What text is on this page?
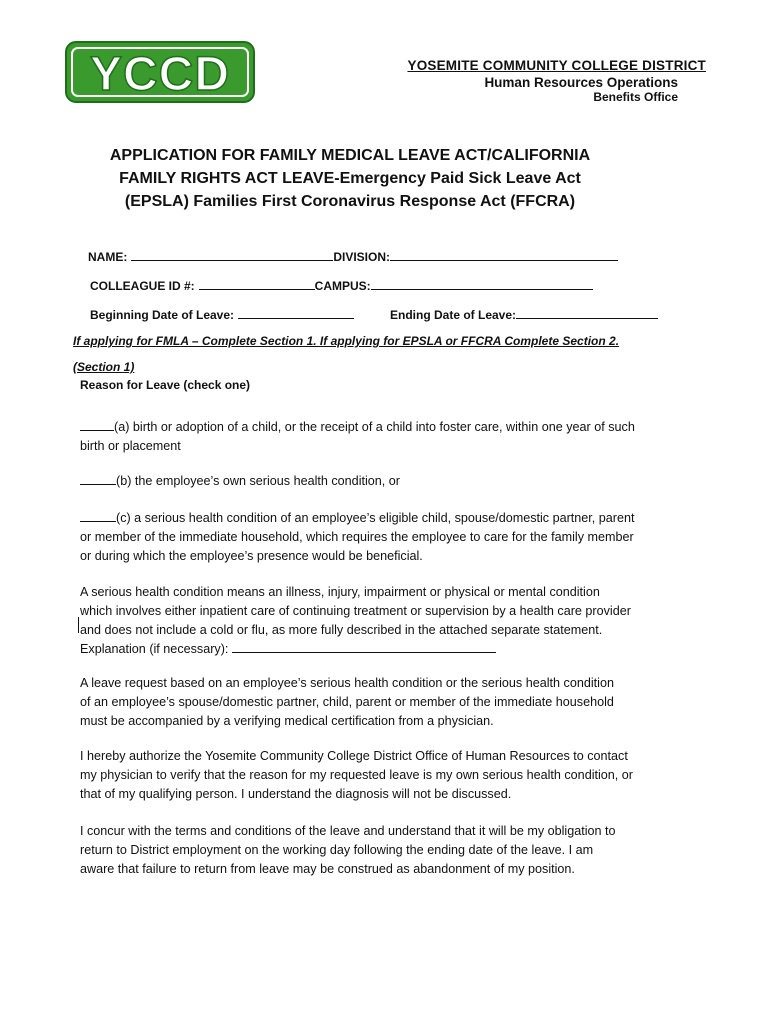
YCCD	YOSEMITE COMMUNITY COLLEGE DISTRICT
Human Resources Operations
Benefits Office
APPLICATION FOR FAMILY MEDICAL LEAVE ACT/CALIFORNIA
FAMILY RIGHTS ACT LEAVE-Emergency Paid Sick Leave Act
(EPSLA) Families First Coronavirus Response Act (FFCRA)
NAME:	DIVISION:
COLLEAGUE ID #:	CAMPUS:
Beginning Date of Leave:	Ending Date of Leave:
If applying for FMLA – Complete Section 1. If applying for EPSLA or FFCRA Complete Section 2.
(Section 1)
Reason for Leave (check one)
(a) birth or adoption of a child, or the receipt of a child into foster care, within one year of such
birth or placement
(b) the employee’s own serious health condition, or
(c) a serious health condition of an employee’s eligible child, spouse/domestic partner, parent
or member of the immediate household, which requires the employee to care for the family member
or during which the employee’s presence would be beneficial.
A serious health condition means an illness, injury, impairment or physical or mental condition
which involves either inpatient care of continuing treatment or supervision by a health care provider
and does not include a cold or flu, as more fully described in the attached separate statement.
Explanation (if necessary):
A leave request based on an employee’s serious health condition or the serious health condition
of an employee’s spouse/domestic partner, child, parent or member of the immediate household
must be accompanied by a verifying medical certification from a physician.
I hereby authorize the Yosemite Community College District Office of Human Resources to contact
my physician to verify that the reason for my requested leave is my own serious health condition, or
that of my qualifying person. I understand the diagnosis will not be discussed.
I concur with the terms and conditions of the leave and understand that it will be my obligation to
return to District employment on the working day following the ending date of the leave. I am
aware that failure to return from leave may be construed as abandonment of my position.
